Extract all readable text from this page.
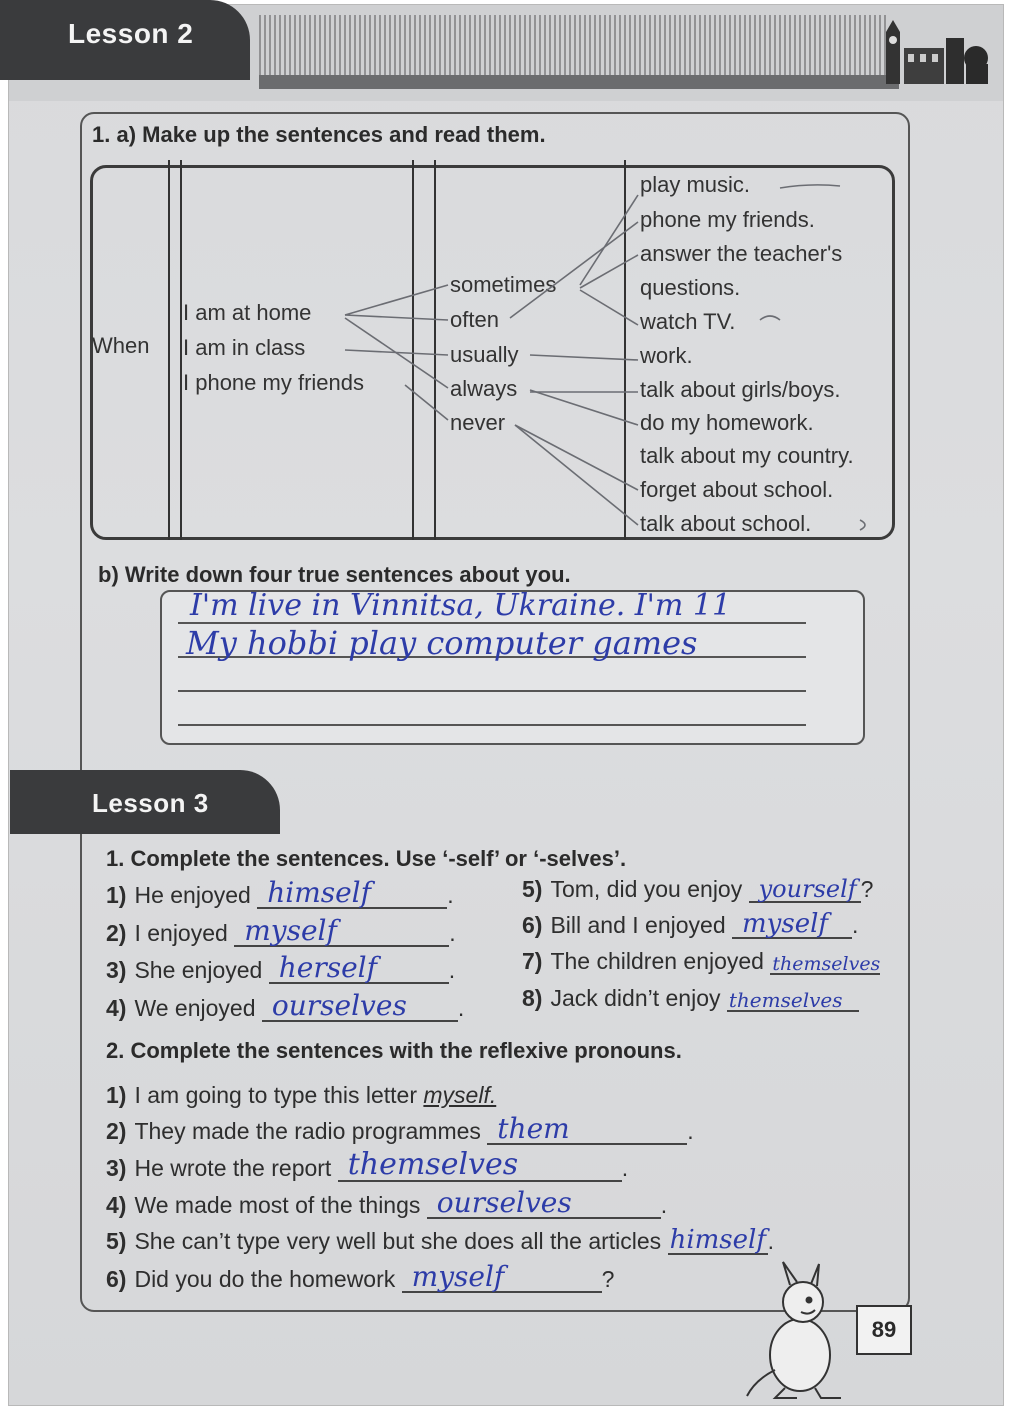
Lesson 2
1. a) Make up the sentences and read them.
When
I am at home
I am in class
I phone my friends
sometimes
often
usually
always
never
play music.
phone my friends.
answer the teacher's
questions.
watch TV.
work.
talk about girls/boys.
do my homework.
talk about my country.
forget about school.
talk about school.
b) Write down four true sentences about you.
I'm live in Vinnitsa, Ukraine. I'm 11
My hobbi play computer games
Lesson 3
1. Complete the sentences. Use ‘-self’ or ‘-selves’.
1) He enjoyed himself	.
2) I enjoyed myself	.
3) She enjoyed herself	.
4) We enjoyed ourselves .
5) Tom, did you enjoy yourself ?
6) Bill and I enjoyed myself .
7) The children enjoyed themselves
8) Jack didn’t enjoy themselves
2. Complete the sentences with the reflexive pronouns.
1) I am going to type this letter myself.
2) They made the radio programmes them	.
3) He wrote the report themselves	.
4) We made most of the things ourselves	.
5) She can’t type very well but she does all the articles himself .
6) Did you do the homework myself	?
89
